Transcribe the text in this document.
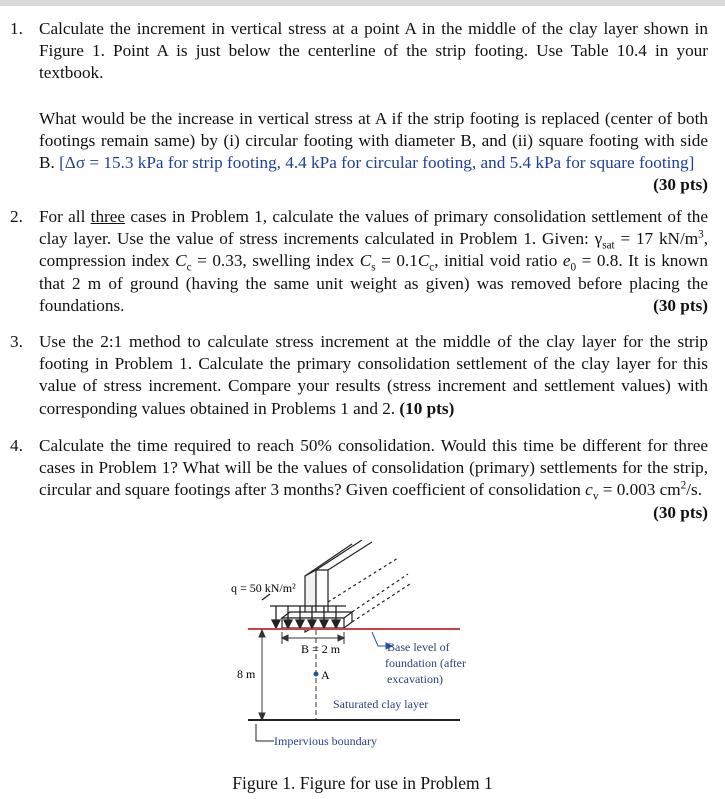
1. Calculate the increment in vertical stress at a point A in the middle of the clay layer shown in Figure 1. Point A is just below the centerline of the strip footing. Use Table 10.4 in your textbook.

What would be the increase in vertical stress at A if the strip footing is replaced (center of both footings remain same) by (i) circular footing with diameter B, and (ii) square footing with side B. [Δσ = 15.3 kPa for strip footing, 4.4 kPa for circular footing, and 5.4 kPa for square footing]
(30 pts)

2. For all three cases in Problem 1, calculate the values of primary consolidation settlement of the clay layer. Use the value of stress increments calculated in Problem 1. Given: $\gamma_{sat} = 17$ $kN/m^3$, compression index $C_c = 0.33$, swelling index $C_s = 0.1C_c$, initial void ratio $e_0 = 0.8$. It is known that 2 m of ground (having the same unit weight as given) was removed before placing the foundations.	(30 pts)

3. Use the 2:1 method to calculate stress increment at the middle of the clay layer for the strip footing in Problem 1. Calculate the primary consolidation settlement of the clay layer for this value of stress increment. Compare your results (stress increment and settlement values) with corresponding values obtained in Problems 1 and 2. (10 pts)

4. Calculate the time required to reach 50% consolidation. Would this time be different for three cases in Problem 1? What will be the values of consolidation (primary) settlements for the strip, circular and square footings after 3 months? Given coefficient of consolidation $c_v = 0.003$ $cm^2/s$.
(30 pts)

q = 50 kN/m²
B = 2 m
A
8 m
Base level of
foundation (after
excavation)
Saturated clay layer
Impervious boundary
Figure 1. Figure for use in Problem 1
